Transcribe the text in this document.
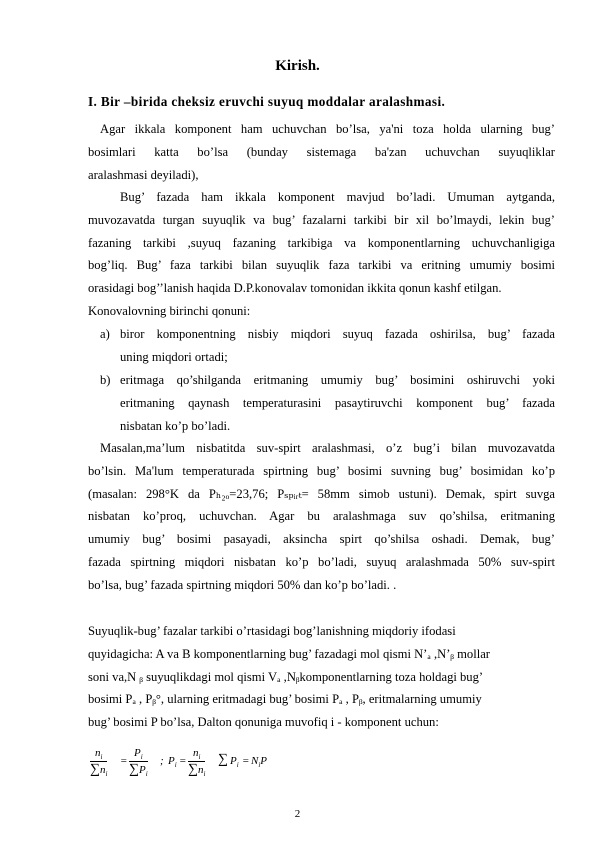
Kirish.
I. Bir –birida cheksiz eruvchi suyuq moddalar aralashmasi.
Agar ikkala komponent ham uchuvchan bo’lsa, ya'ni toza holda ularning bug’
bosimlari katta bo’lsa (bunday sistemaga ba'zan uchuvchan suyuqliklar
aralashmasi deyiladi),
Bug’ fazada ham ikkala komponent mavjud bo’ladi. Umuman aytganda,
muvozavatda turgan suyuqlik va bug’ fazalarni tarkibi bir xil bo’lmaydi, lekin bug’
fazaning tarkibi ,suyuq fazaning tarkibiga va komponentlarning uchuvchanligiga
bog’liq. Bug’ faza tarkibi bilan suyuqlik faza tarkibi va eritning umumiy bosimi
orasidagi bog’’lanish haqida D.P.konovalav tomonidan ikkita qonun kashf etilgan.
Konovalovning birinchi qonuni:
a) biror komponentning nisbiy miqdori suyuq fazada oshirilsa, bug’ fazada
uning miqdori ortadi;
b) eritmaga qo’shilganda eritmaning umumiy bug’ bosimini oshiruvchi yoki
eritmaning qaynash temperaturasini pasaytiruvchi komponent bug’ fazada
nisbatan ko’p bo’ladi.
Masalan,ma’lum nisbatitda suv-spirt aralashmasi, o’z bug’i bilan muvozavatda
bo’lsin. Ma'lum temperaturada spirtning bug’ bosimi suvning bug’ bosimidan ko’p
(masalan: 298°K da Pₕ₂ₒ=23,76; Pₛₚᵢᵣₜ= 58mm simob ustuni). Demak, spirt suvga
nisbatan ko’proq, uchuvchan. Agar bu aralashmaga suv qo’shilsa, eritmaning
umumiy bug’ bosimi pasayadi, aksincha spirt qo’shilsa oshadi. Demak, bug’
fazada spirtning miqdori nisbatan ko’p bo’ladi, suyuq aralashmada 50% suv-spirt
bo’lsa, bug’ fazada spirtning miqdori 50% dan ko’p bo’ladi. .
Suyuqlik-bug’ fazalar tarkibi o’rtasidagi bog’lanishning miqdoriy ifodasi
quyidagicha: A va B komponentlarning bug’ fazadagi mol qismi N’ₐ ,N’ᵦ mollar
soni va,N ᵦ suyuqlikdagi mol qismi Vₐ ,Nᵦkomponentlarning toza holdagi bug’
bosimi Pₐ , Pᵦ°, ularning eritmadagi bug’ bosimi Pₐ , Pᵦ, eritmalarning umumiy
bug’ bosimi P bo’lsa, Dalton qonuniga muvofiq i - komponent uchun:
$\frac{n_i}{\sum n_i} = \frac{P_i}{\sum P_i}$ ; $P_i = \frac{n_i}{\sum n_i}$ ∑ $P_i = N_iP$
2
